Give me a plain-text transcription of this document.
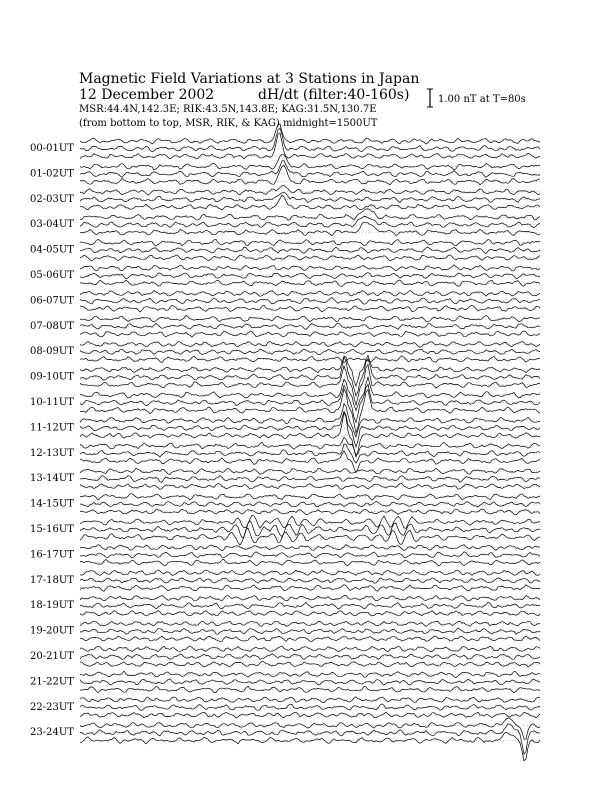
Magnetic Field Variations at 3 Stations in Japan
12 December 2002	dH/dt (filter:40-160s)
MSR:44.4N,142.3E; RIK:43.5N,143.8E; KAG:31.5N,130.7E
(from bottom to top, MSR, RIK, & KAG) midnight=1500UT
1.00 nT at T=80s
00-01UT
01-02UT
02-03UT
03-04UT
04-05UT
05-06UT
06-07UT
07-08UT
08-09UT
09-10UT
10-11UT
11-12UT
12-13UT
13-14UT
14-15UT
15-16UT
16-17UT
17-18UT
18-19UT
19-20UT
20-21UT
21-22UT
22-23UT
23-24UT
